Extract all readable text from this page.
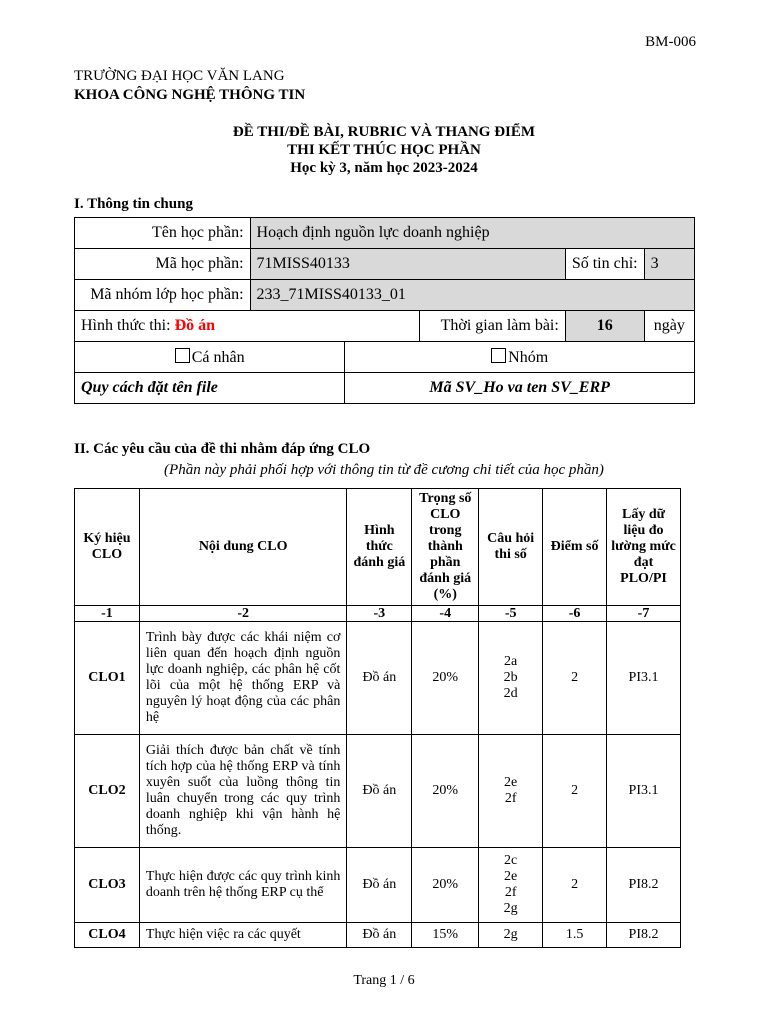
BM-006
TRƯỜNG ĐẠI HỌC VĂN LANG
KHOA CÔNG NGHỆ THÔNG TIN
ĐỀ THI/ĐỀ BÀI, RUBRIC VÀ THANG ĐIỂM
THI KẾT THÚC HỌC PHẦN
Học kỳ 3, năm học 2023-2024
I. Thông tin chung
Tên học phần:	Hoạch định nguồn lực doanh nghiệp				
Mã học phần:	71MISS40133			Số tin chỉ:	3
Mã nhóm lớp học phần:	233_71MISS40133_01				
Hình thức thi: Đồ án			Thời gian làm bài:	16	ngày
Cá nhân		Nhóm			
Quy cách đặt tên file		Mã SV_Ho va ten SV_ERP			
II. Các yêu cầu của đề thi nhằm đáp ứng CLO
(Phần này phải phối hợp với thông tin từ đề cương chi tiết của học phần)
Ký hiệu CLO	Nội dung CLO	Hình thức đánh giá	Trọng số CLO trong thành phần đánh giá (%)	Câu hỏi thi số	Điểm số	Lấy dữ liệu đo lường mức đạt PLO/PI
-1	-2	-3	-4	-5	-6	-7
CLO1	Trình bày được các khái niệm cơ liên quan đến hoạch định nguồn lực doanh nghiệp, các phân hệ cốt lõi của một hệ thống ERP và nguyên lý hoạt động của các phân hệ	Đồ án	20%	2a
2b
2d	2	PI3.1
CLO2	Giải thích được bản chất về tính tích hợp của hệ thống ERP và tính xuyên suốt của luồng thông tin luân chuyển trong các quy trình doanh nghiệp khi vận hành hệ thống.	Đồ án	20%	2e
2f	2	PI3.1
CLO3	Thực hiện được các quy trình kinh doanh trên hệ thống ERP cụ thể	Đồ án	20%	2c
2e
2f
2g	2	PI8.2
CLO4	Thực hiện việc ra các quyết	Đồ án	15%	2g	1.5	PI8.2
Trang 1 / 6
